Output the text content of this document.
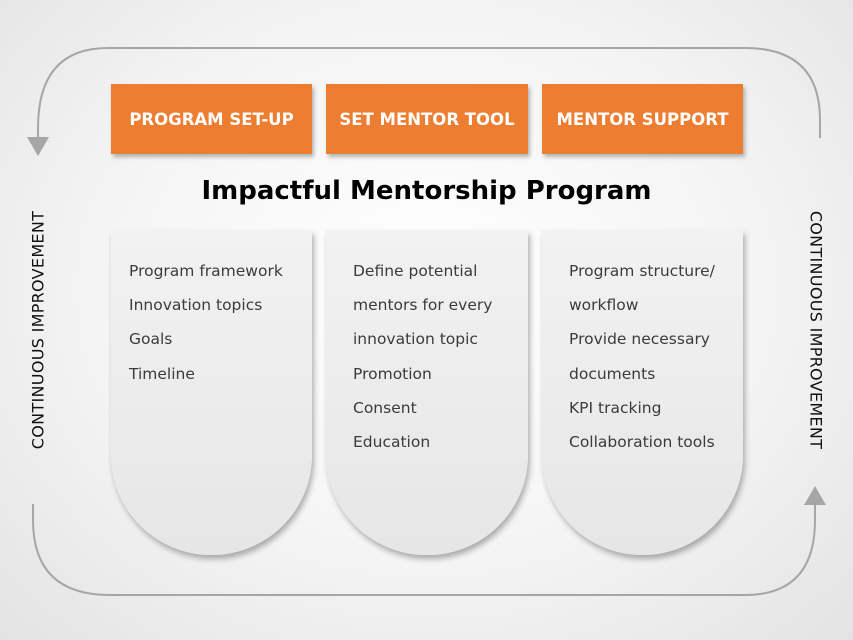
PROGRAM SET-UP	SET MENTOR TOOL	MENTOR SUPPORT
Impactful Mentorship Program
Program framework
Innovation topics
Goals
Timeline
Define potential
mentors for every
innovation topic
Promotion
Consent
Education
Program structure/
workflow
Provide necessary
documents
KPI tracking
Collaboration tools
CONTINUOUS IMPROVEMENT	CONTINUOUS IMPROVEMENT
